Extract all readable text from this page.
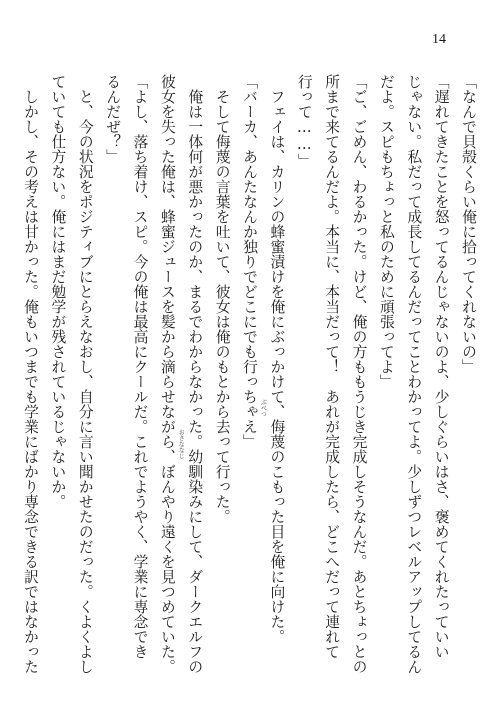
14
「なんで貝殻くらい俺に拾ってくれないの」
「遅れてきたことを怒ってるんじゃないのよ、少しぐらいはさ、褒めてくれたっていい
じゃない。私だって成長してるんだってことわかってよ。少しずつレベルアップしてるん
だよ。スピもちょっと私のために頑張ってよ」
「ご、ごめん、わるかった。けど、俺の方ももうじき完成しそうなんだ。あとちょっとの
所まで来てるんだよ。本当に、本当だって！　あれが完成したら、どこへだって連れて
行って……」
　フェイは、カリンの蜂蜜漬けを俺にぶっかけて、侮蔑のこもった目を俺に向けた。
ぶべつ
「バーカ、あんたなんか独りでどこにでも行っちゃえ」
　そして侮蔑の言葉を吐いて、彼女は俺のもとから去って行った。
　俺は一体何が悪かったのか、まるでわからなかった。幼馴染みにして、ダークエルフの
おさななじ
彼女を失った俺は、蜂蜜ジュースを髪から滴らせながら、ぼんやり遠くを見つめていた。
「よし、落ち着け、スピ。今の俺は最高にクールだ。これでようやく、学業に専念でき
るんだぜ？」
　と、今の状況をポジティブにとらえなおし、自分に言い聞かせたのだった。くよくよし
ていても仕方ない。俺にはまだ勉学が残されているじゃないか。
　しかし、その考えは甘かった。俺もいつまでも学業にばかり専念できる訳ではなかった
